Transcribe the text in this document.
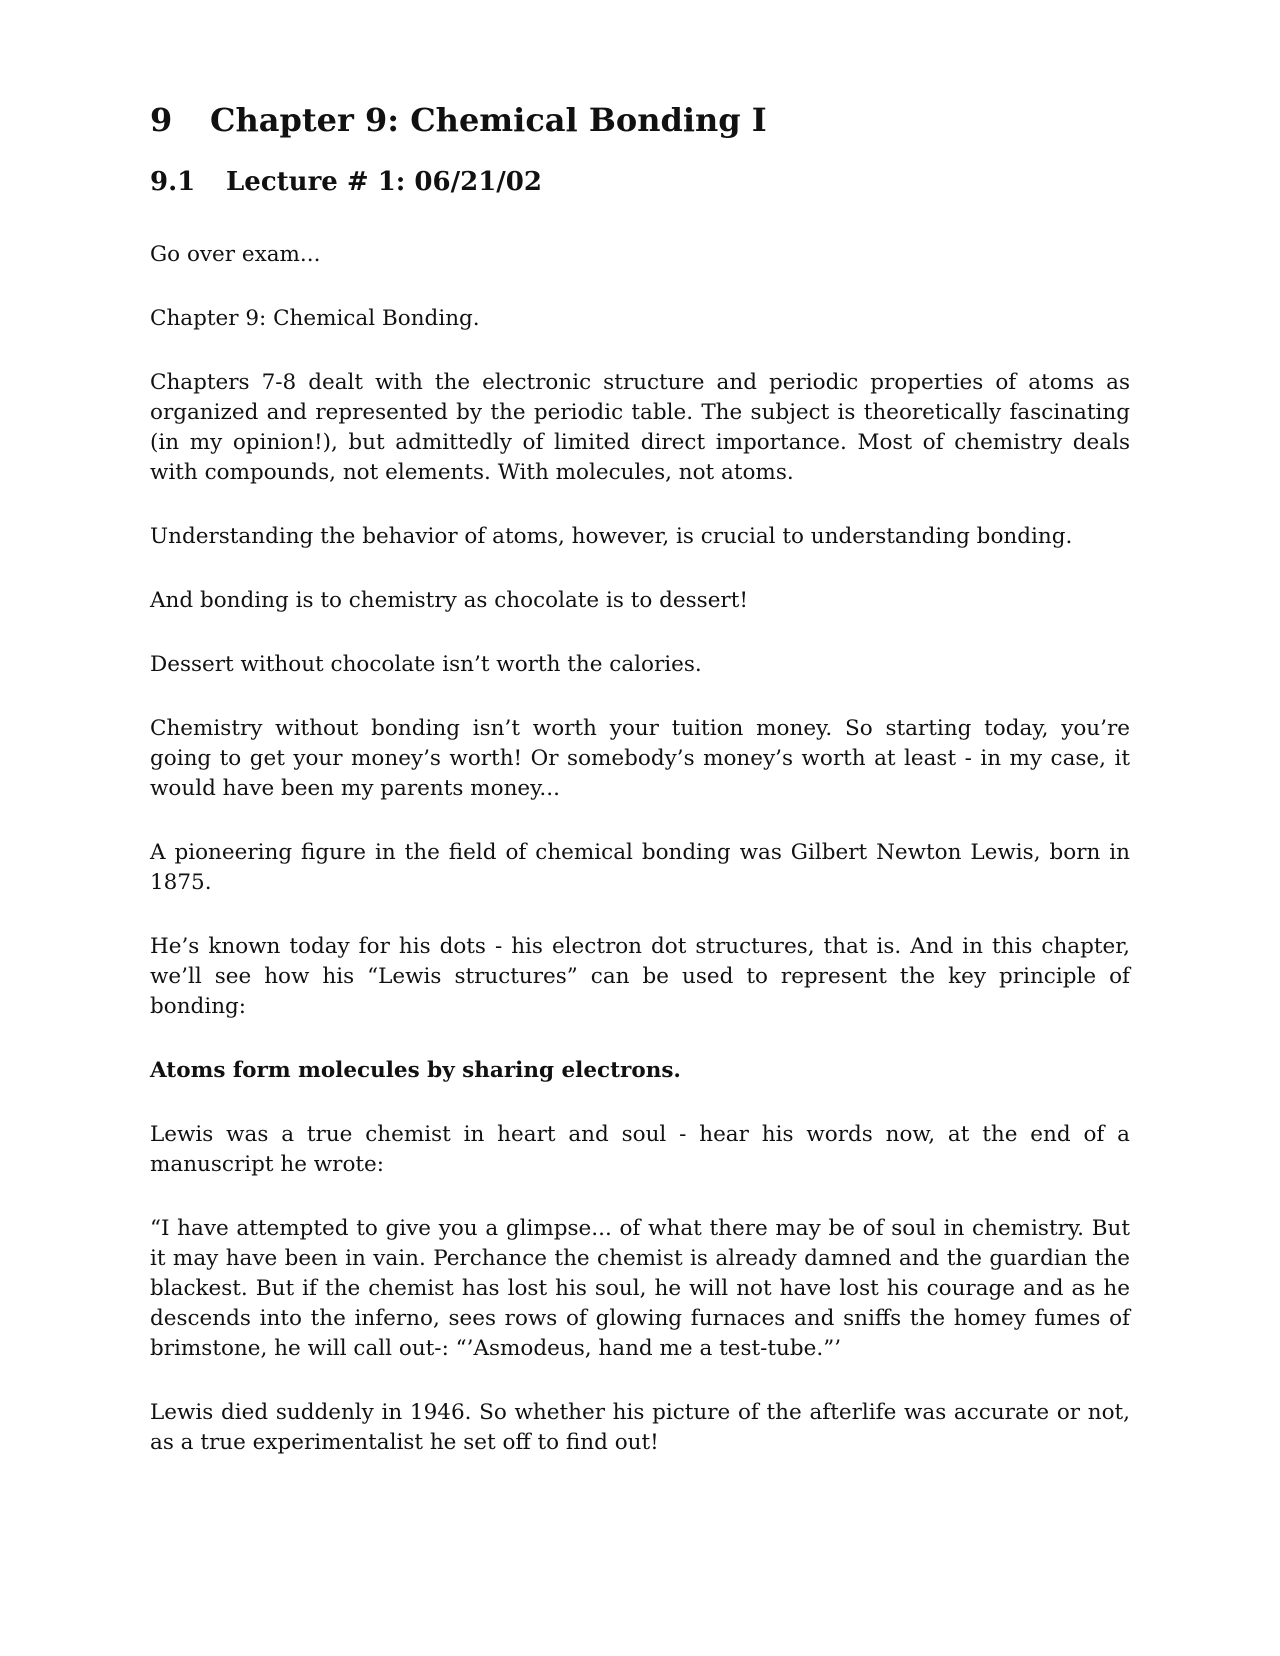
9	Chapter 9: Chemical Bonding I
9.1	Lecture # 1: 06/21/02

Go over exam...

Chapter 9: Chemical Bonding.

Chapters 7-8 dealt with the electronic structure and periodic properties of atoms as organized and represented by the periodic table. The subject is theoretically fascinating (in my opinion!), but admittedly of limited direct importance. Most of chemistry deals with compounds, not elements. With molecules, not atoms.

Understanding the behavior of atoms, however, is crucial to understanding bonding.

And bonding is to chemistry as chocolate is to dessert!

Dessert without chocolate isn’t worth the calories.

Chemistry without bonding isn’t worth your tuition money. So starting today, you’re going to get your money’s worth! Or somebody’s money’s worth at least - in my case, it would have been my parents money...

A pioneering figure in the field of chemical bonding was Gilbert Newton Lewis, born in 1875.

He’s known today for his dots - his electron dot structures, that is. And in this chapter, we’ll see how his “Lewis structures” can be used to represent the key principle of bonding:

Atoms form molecules by sharing electrons.

Lewis was a true chemist in heart and soul - hear his words now, at the end of a manuscript he wrote:

“I have attempted to give you a glimpse... of what there may be of soul in chemistry. But it may have been in vain. Perchance the chemist is already damned and the guardian the blackest. But if the chemist has lost his soul, he will not have lost his courage and as he descends into the inferno, sees rows of glowing furnaces and sniffs the homey fumes of brimstone, he will call out-: “’Asmodeus, hand me a test-tube.”’

Lewis died suddenly in 1946. So whether his picture of the afterlife was accurate or not, as a true experimentalist he set off to find out!
